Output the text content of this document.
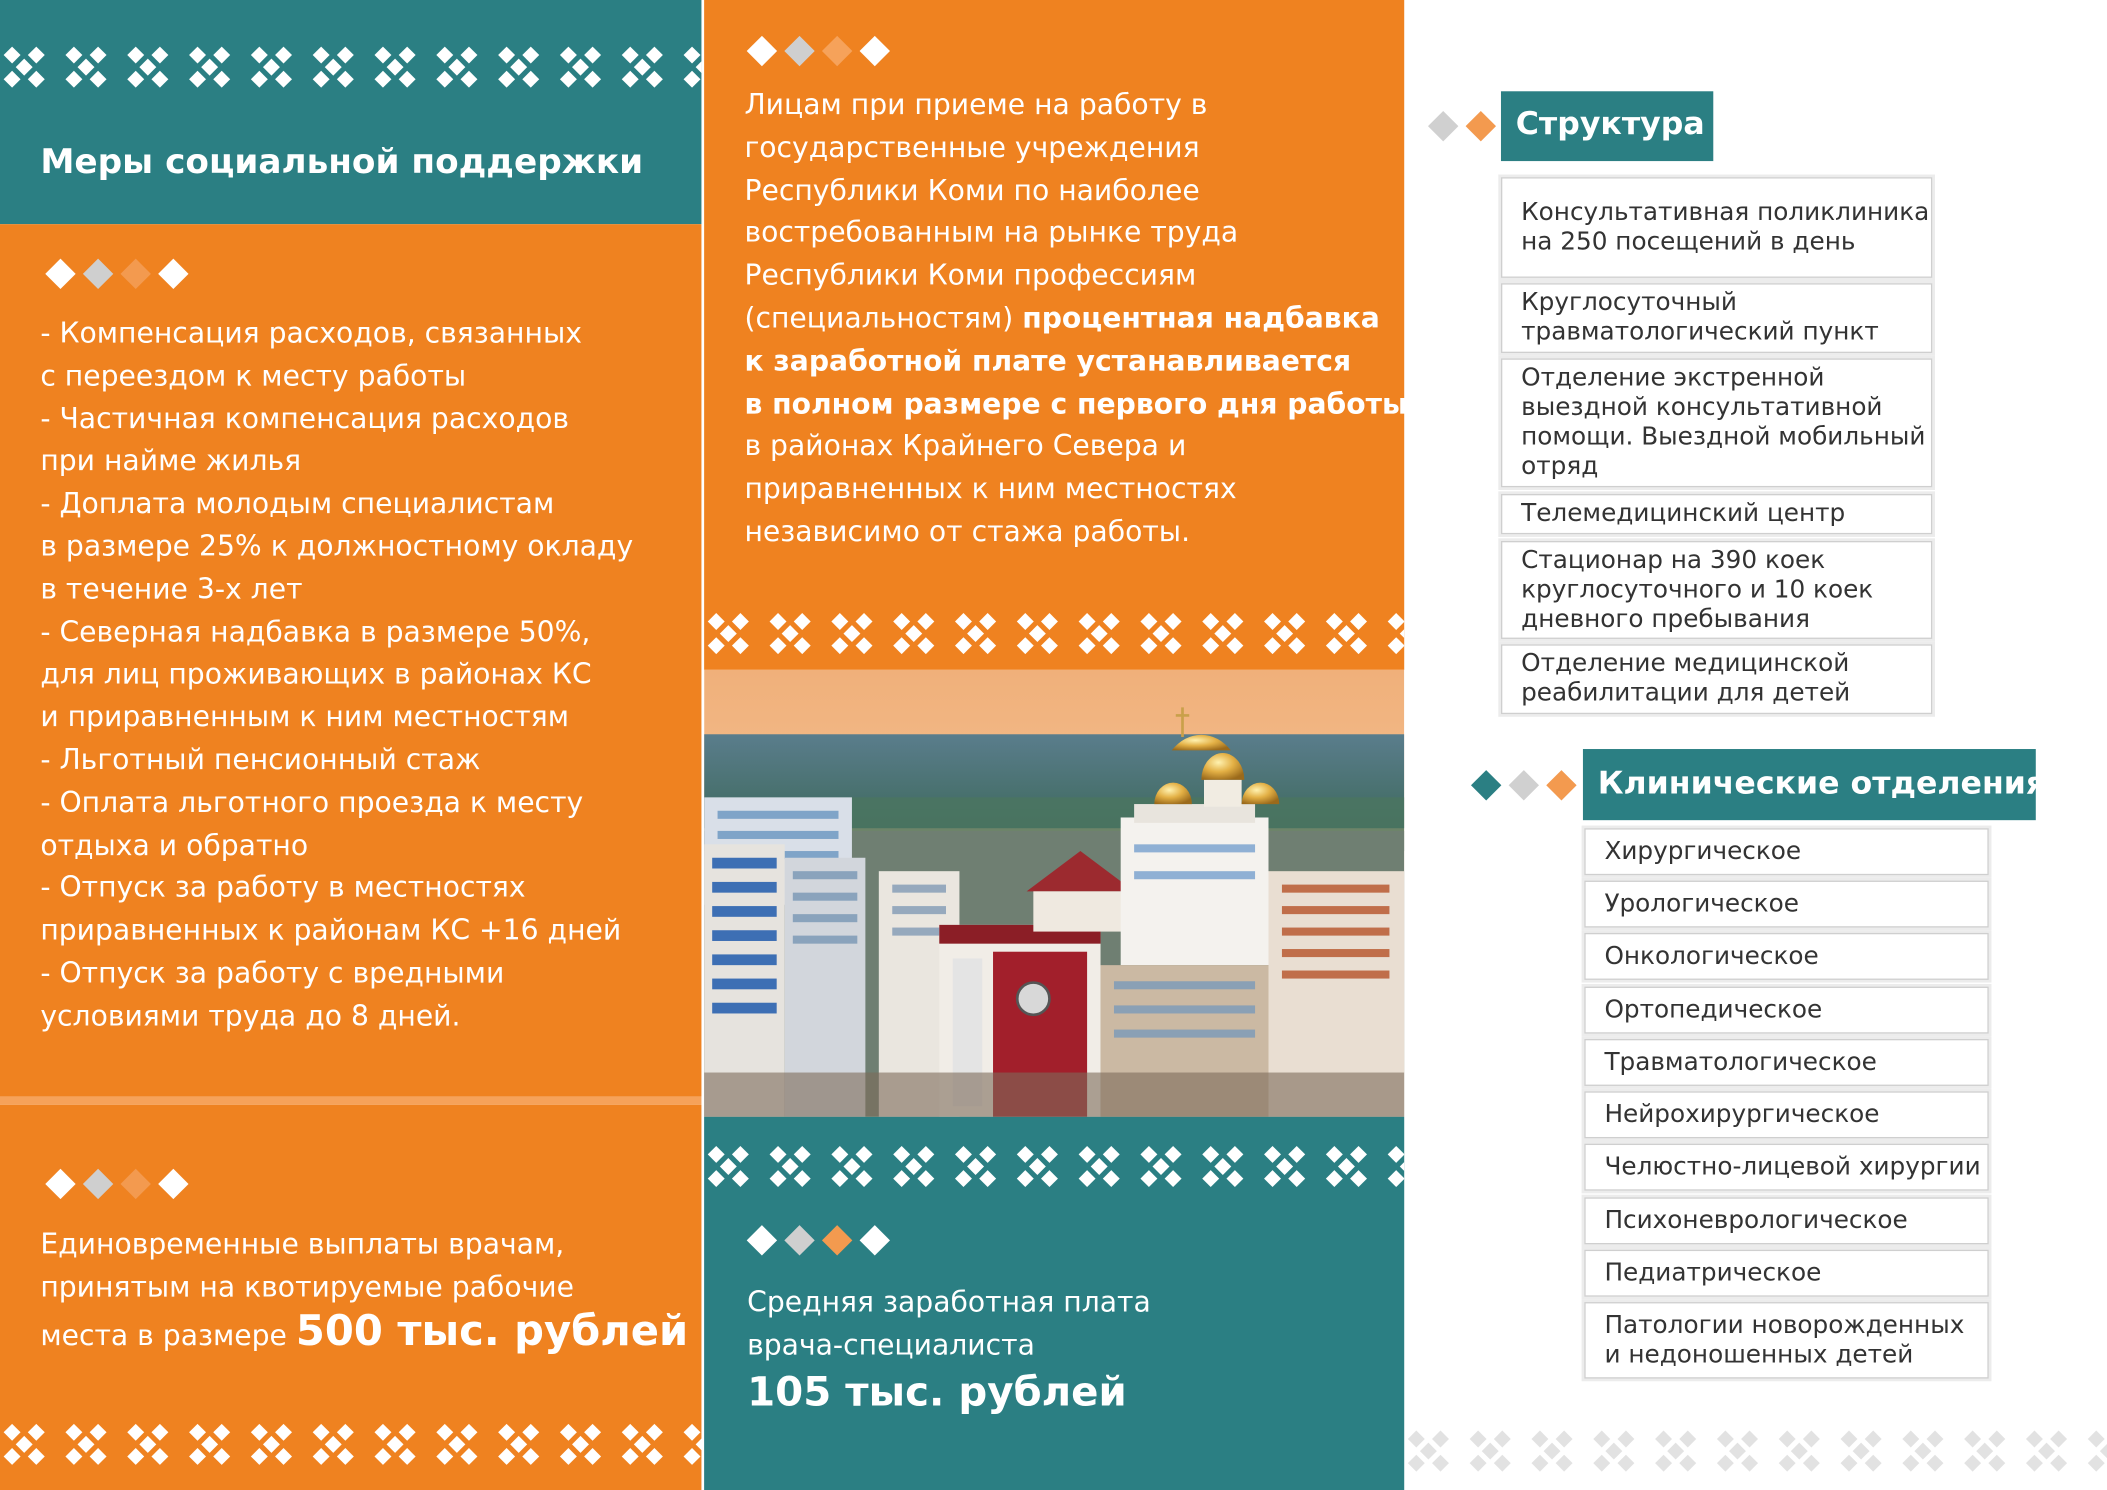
Меры социальной поддержки
- Компенсация расходов, связанных
с переездом к месту работы
- Частичная компенсация расходов
при найме жилья
- Доплата молодым специалистам
в размере 25% к должностному окладу
в течение 3-х лет
- Северная надбавка в размере 50%,
для лиц проживающих в районах КС
и приравненным к ним местностям
- Льготный пенсионный стаж
- Оплата льготного проезда к месту
отдыха и обратно
- Отпуск за работу в местностях
приравненных к районам КС +16 дней
- Отпуск за работу с вредными
условиями труда до 8 дней.
Единовременные выплаты врачам,
принятым на квотируемые рабочие
места в размере 500 тыс. рублей
Лицам при приеме на работу в
государственные учреждения
Республики Коми по наиболее
востребованным на рынке труда
Республики Коми профессиям
(специальностям) процентная надбавка
к заработной плате устанавливается
в полном размере с первого дня работы
в районах Крайнего Севера и
приравненных к ним местностях
независимо от стажа работы.
Средняя заработная плата
врача-специалиста
105 тыс. рублей
Структура
Консультативная поликлиника на 250 посещений в день
Круглосуточный травматологический пункт
Отделение экстренной выездной консультативной помощи. Выездной мобильный отряд
Телемедицинский центр
Стационар на 390 коек круглосуточного и 10 коек дневного пребывания
Отделение медицинской реабилитации для детей
Клинические отделения
Хирургическое
Урологическое
Онкологическое
Ортопедическое
Травматологическое
Нейрохирургическое
Челюстно-лицевой хирургии
Психоневрологическое
Педиатрическое
Патологии новорожденных и недоношенных детей
